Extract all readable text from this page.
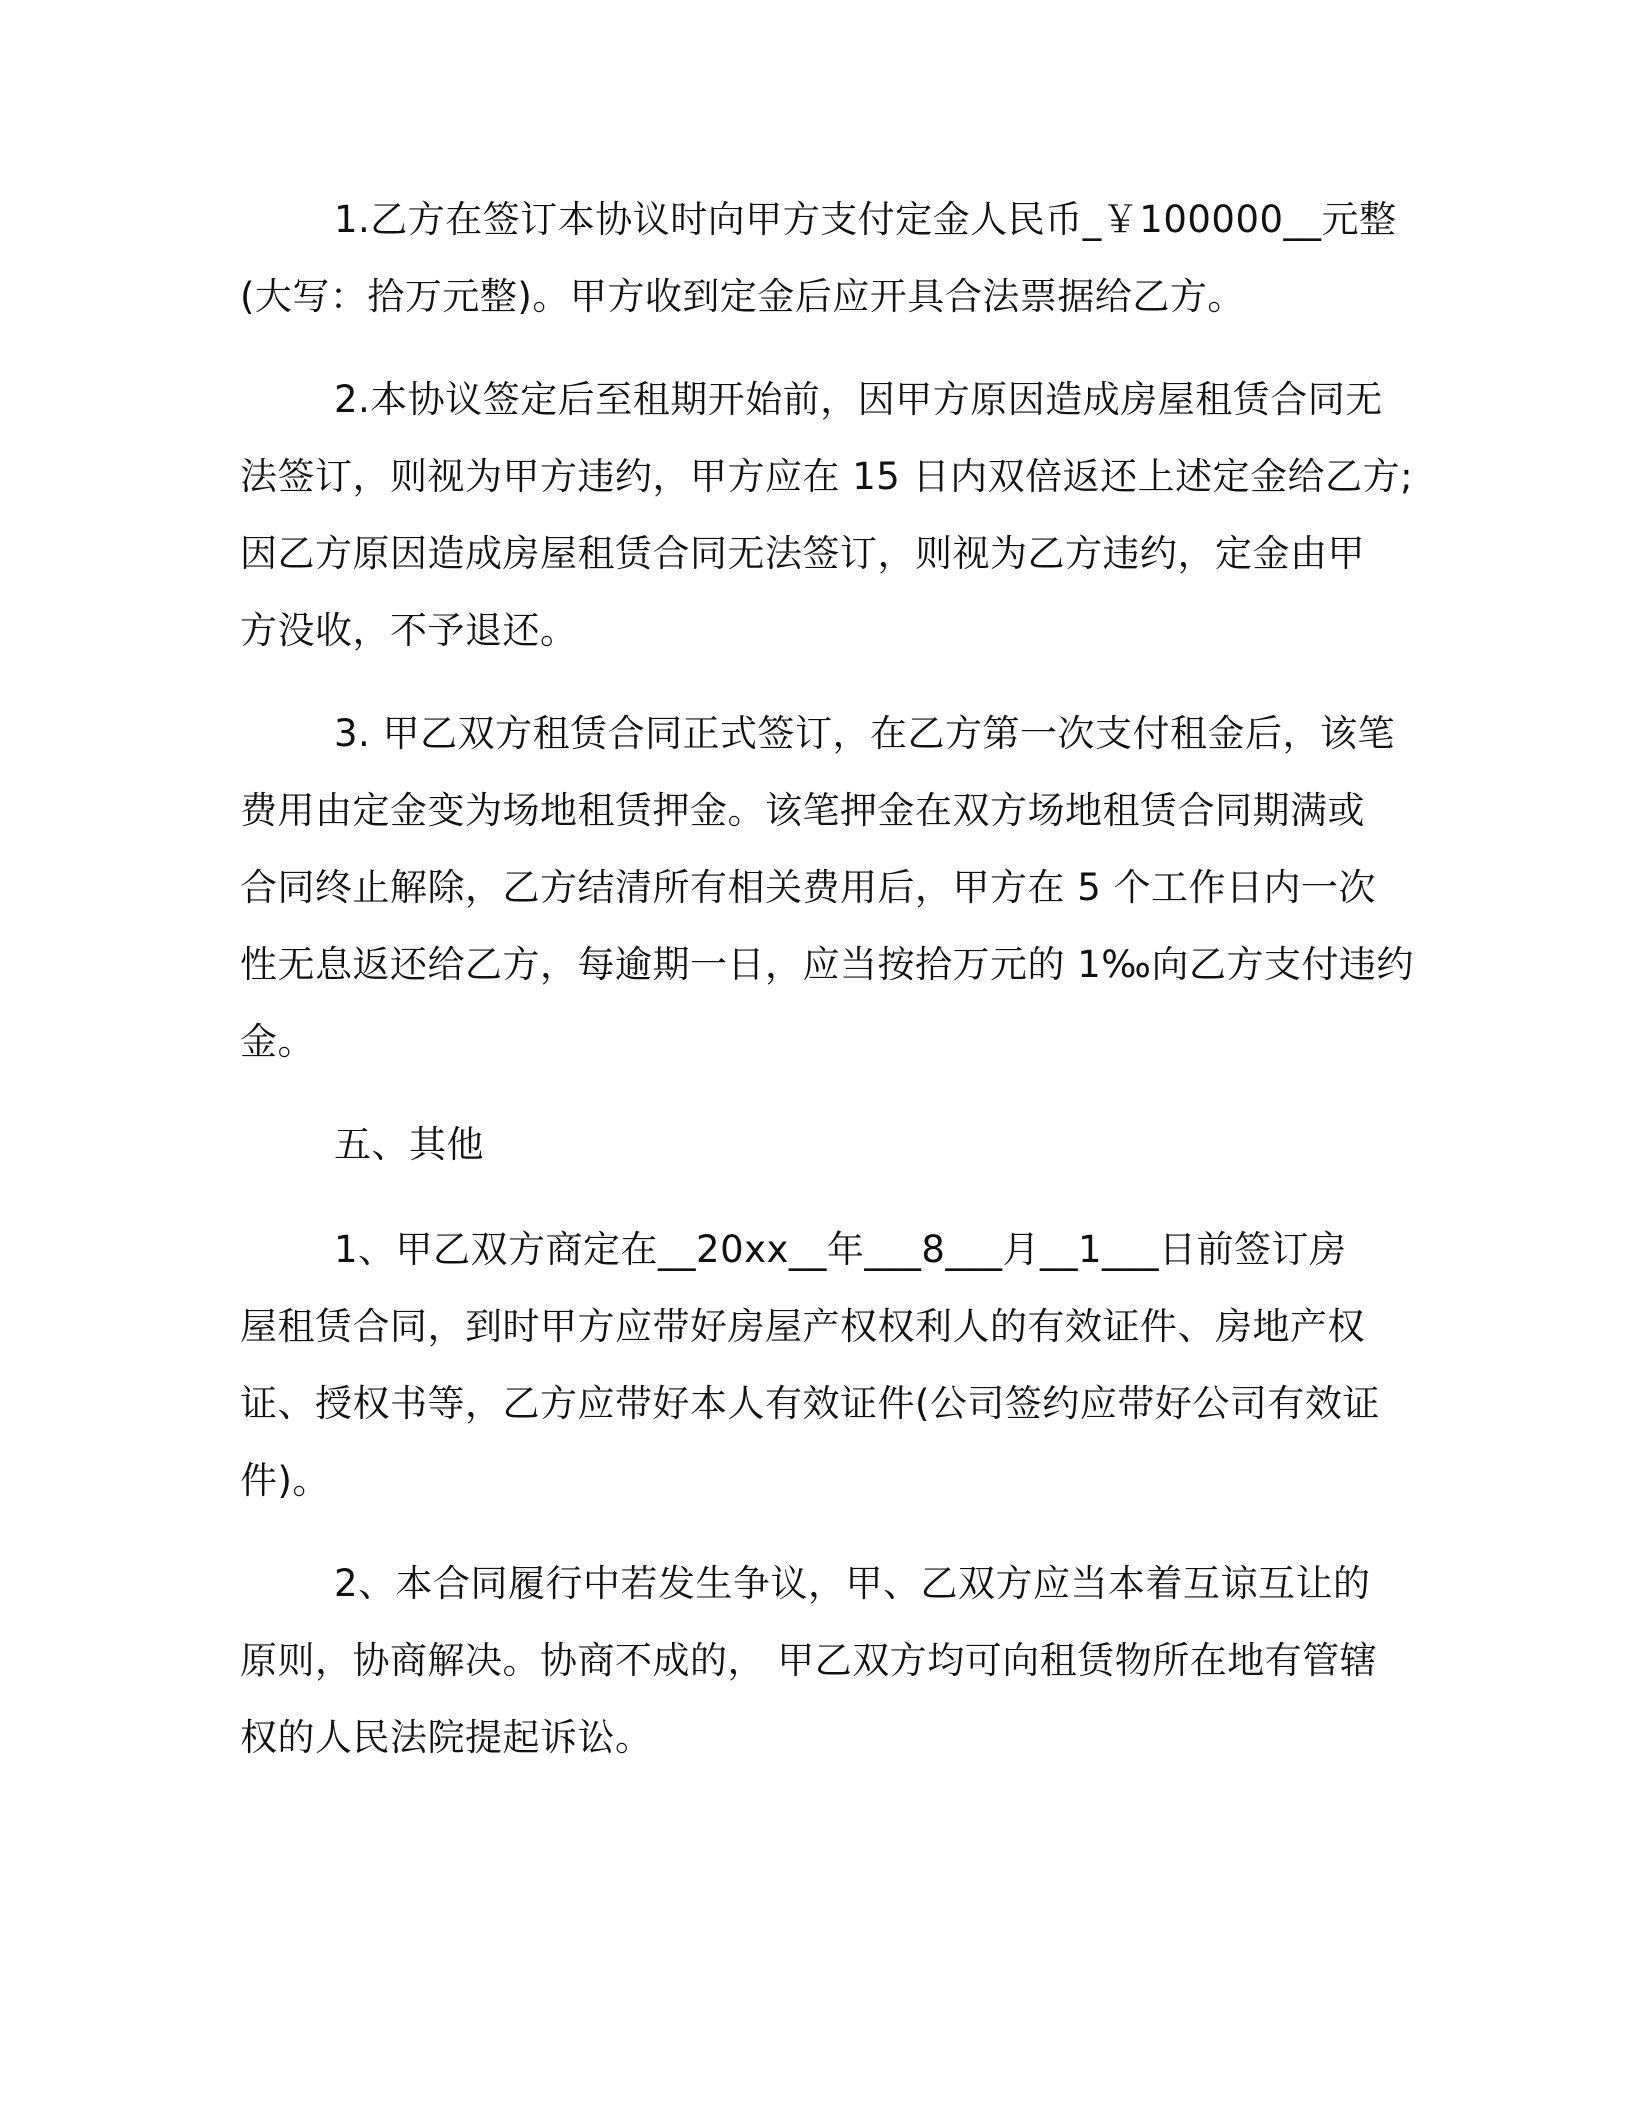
1.乙方在签订本协议时向甲方支付定金人民币_￥100000__元整
(大写：拾万元整)。甲方收到定金后应开具合法票据给乙方。
2.本协议签定后至租期开始前，因甲方原因造成房屋租赁合同无
法签订，则视为甲方违约，甲方应在 15 日内双倍返还上述定金给乙方;
因乙方原因造成房屋租赁合同无法签订，则视为乙方违约，定金由甲
方没收，不予退还。
3. 甲乙双方租赁合同正式签订，在乙方第一次支付租金后，该笔
费用由定金变为场地租赁押金。该笔押金在双方场地租赁合同期满或
合同终止解除，乙方结清所有相关费用后，甲方在 5 个工作日内一次
性无息返还给乙方，每逾期一日，应当按拾万元的 1‰向乙方支付违约
金。
五、其他
1、甲乙双方商定在__20xx__年___8___月__1___日前签订房
屋租赁合同，到时甲方应带好房屋产权权利人的有效证件、房地产权
证、授权书等，乙方应带好本人有效证件(公司签约应带好公司有效证
件)。
2、本合同履行中若发生争议，甲、乙双方应当本着互谅互让的
原则，协商解决。协商不成的， 甲乙双方均可向租赁物所在地有管辖
权的人民法院提起诉讼。
